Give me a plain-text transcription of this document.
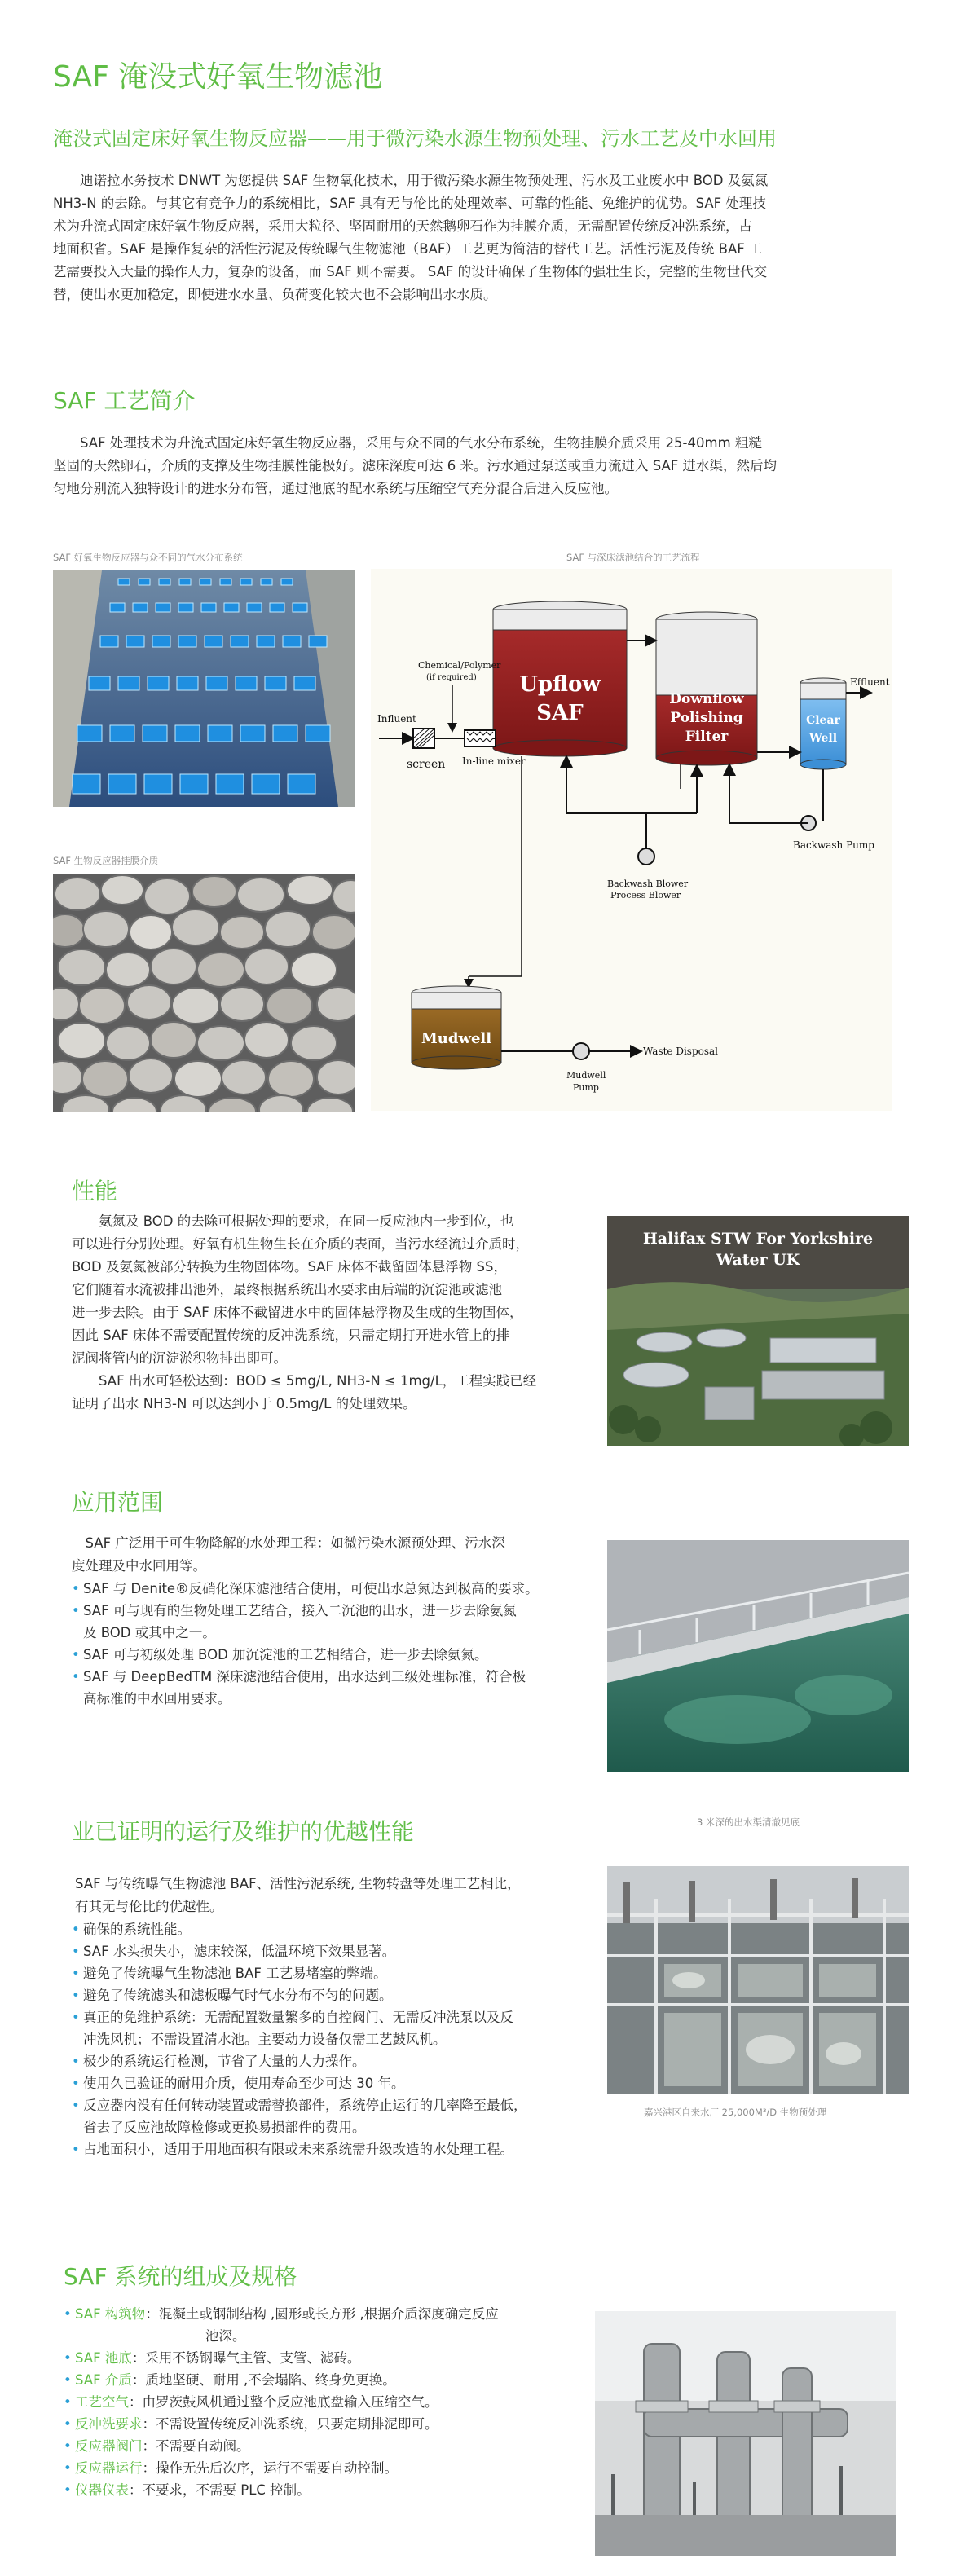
SAF 淹没式好氧生物滤池
淹没式固定床好氧生物反应器——用于微污染水源生物预处理、污水工艺及中水回用
迪诺拉水务技术 DNWT 为您提供 SAF 生物氧化技术，用于微污染水源生物预处理、污水及工业废水中 BOD 及氨氮
NH3-N 的去除。与其它有竞争力的系统相比，SAF 具有无与伦比的处理效率、可靠的性能、免维护的优势。SAF 处理技
术为升流式固定床好氧生物反应器，采用大粒径、坚固耐用的天然鹅卵石作为挂膜介质，无需配置传统反冲洗系统，占
地面积省。SAF 是操作复杂的活性污泥及传统曝气生物滤池（BAF）工艺更为简洁的替代工艺。活性污泥及传统 BAF 工
艺需要投入大量的操作人力，复杂的设备，而 SAF 则不需要。 SAF 的设计确保了生物体的强壮生长，完整的生物世代交
替，使出水更加稳定，即使进水水量、负荷变化较大也不会影响出水水质。
SAF 工艺简介
SAF 处理技术为升流式固定床好氧生物反应器，采用与众不同的气水分布系统，生物挂膜介质采用 25-40mm 粗糙
坚固的天然卵石，介质的支撑及生物挂膜性能极好。滤床深度可达 6 米。污水通过泵送或重力流进入 SAF 进水渠，然后均
匀地分别流入独特设计的进水分布管，通过池底的配水系统与压缩空气充分混合后进入反应池。
SAF 好氧生物反应器与众不同的气水分布系统	SAF 与深床滤池结合的工艺流程
SAF 生物反应器挂膜介质
Upflow
SAF
Downflow
Polishing
Filter
Clear
Well
Effluent
Influent
screen In-line mixer
Chemical/Polymer
(if required)
Backwash Pump
Backwash Blower
Process Blower
Mudwell
Waste Disposal
Mudwell
Pump
性能
氨氮及 BOD 的去除可根据处理的要求，在同一反应池内一步到位，也
可以进行分别处理。好氧有机生物生长在介质的表面，当污水经流过介质时，
BOD 及氨氮被部分转换为生物固体物。SAF 床体不截留固体悬浮物 SS，
它们随着水流被排出池外，最终根据系统出水要求由后端的沉淀池或滤池
进一步去除。由于 SAF 床体不截留进水中的固体悬浮物及生成的生物固体，
因此 SAF 床体不需要配置传统的反冲洗系统，只需定期打开进水管上的排
泥阀将管内的沉淀淤积物排出即可。
SAF 出水可轻松达到：BOD ≤ 5mg/L, NH3-N ≤ 1mg/L，工程实践已经
证明了出水 NH3-N 可以达到小于 0.5mg/L 的处理效果。
Halifax STW For Yorkshire
Water UK
应用范围
SAF 广泛用于可生物降解的水处理工程：如微污染水源预处理、污水深
度处理及中水回用等。
• SAF 与 Denite®反硝化深床滤池结合使用，可使出水总氮达到极高的要求。
• SAF 可与现有的生物处理工艺结合，接入二沉池的出水，进一步去除氨氮
及 BOD 或其中之一。
• SAF 可与初级处理 BOD 加沉淀池的工艺相结合，进一步去除氨氮。
• SAF 与 DeepBedTM 深床滤池结合使用，出水达到三级处理标准，符合极
高标准的中水回用要求。
3 米深的出水渠清澈见底
业已证明的运行及维护的优越性能
SAF 与传统曝气生物滤池 BAF、活性污泥系统, 生物转盘等处理工艺相比，
有其无与伦比的优越性。
• 确保的系统性能。
• SAF 水头损失小，滤床较深，低温环境下效果显著。
• 避免了传统曝气生物滤池 BAF 工艺易堵塞的弊端。
• 避免了传统滤头和滤板曝气时气水分布不匀的问题。
• 真正的免维护系统：无需配置数量繁多的自控阀门、无需反冲洗泵以及反
冲洗风机；不需设置清水池。主要动力设备仅需工艺鼓风机。
• 极少的系统运行检测，节省了大量的人力操作。
• 使用久已验证的耐用介质，使用寿命至少可达 30 年。
• 反应器内没有任何转动装置或需替换部件，系统停止运行的几率降至最低，
省去了反应池故障检修或更换易损部件的费用。
• 占地面积小，适用于用地面积有限或未来系统需升级改造的水处理工程。
嘉兴港区自来水厂 25,000M³/D 生物预处理
SAF 系统的组成及规格
• SAF 构筑物：混凝土或钢制结构 ,圆形或长方形 ,根据介质深度确定反应
池深。
• SAF 池底：采用不锈钢曝气主管、支管、滤砖。
• SAF 介质：质地坚硬、耐用 ,不会塌陷、终身免更换。
• 工艺空气：由罗茨鼓风机通过整个反应池底盘输入压缩空气。
• 反冲洗要求：不需设置传统反冲洗系统，只要定期排泥即可。
• 反应器阀门：不需要自动阀。
• 反应器运行：操作无先后次序，运行不需要自动控制。
• 仪器仪表：不要求，不需要 PLC 控制。
